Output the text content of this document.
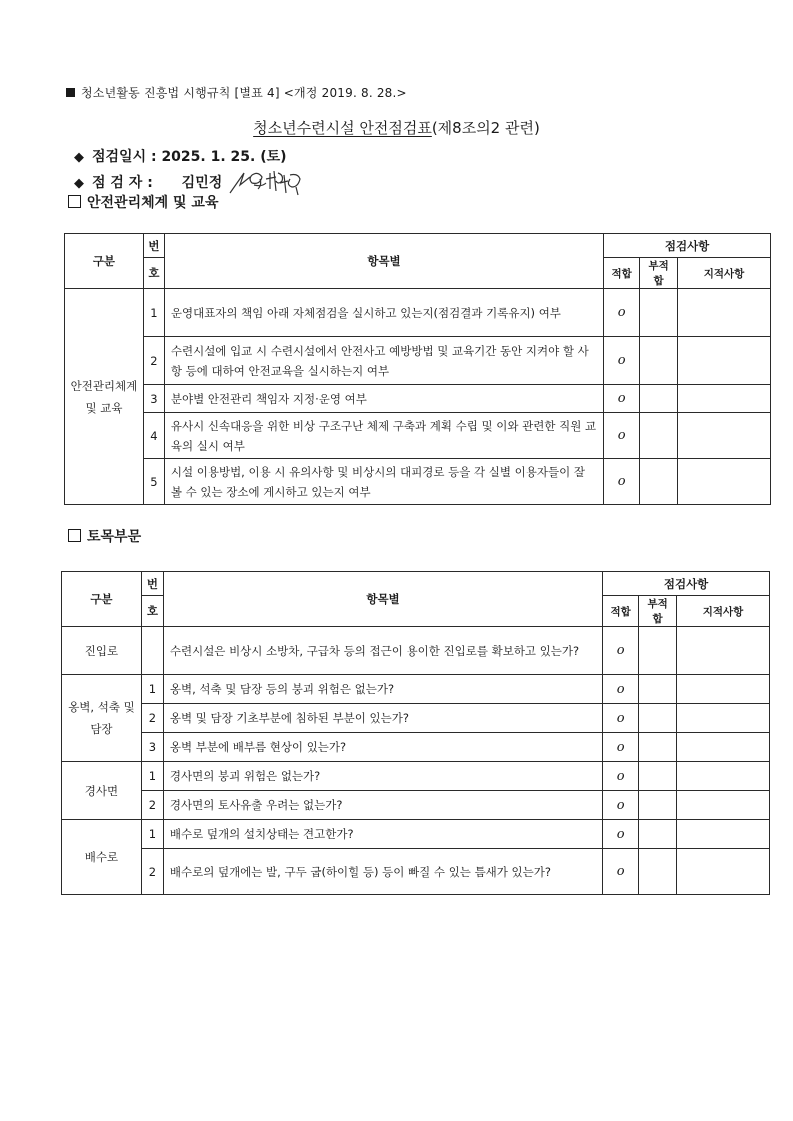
청소년활동 진흥법 시행규칙 [별표 4] <개정 2019. 8. 28.>
청소년수련시설 안전점검표(제8조의2 관련)
◆ 점검일시 : 2025. 1. 25. (토)
◆ 점 검 자 : 김민정
안전관리체계 및 교육
구분	번	항목별	점검사항		
	호		적합	부적합	지적사항
안전관리체계 및 교육	1	운영대표자의 책임 아래 자체점검을 실시하고 있는지(점검결과 기록유지) 여부	o		
	2	수련시설에 입교 시 수련시설에서 안전사고 예방방법 및 교육기간 동안 지켜야 할 사항 등에 대하여 안전교육을 실시하는지 여부	o		
	3	분야별 안전관리 책임자 지정·운영 여부	o		
	4	유사시 신속대응을 위한 비상 구조구난 체제 구축과 계획 수립 및 이와 관련한 직원 교육의 실시 여부	o		
	5	시설 이용방법, 이용 시 유의사항 및 비상시의 대피경로 등을 각 실별 이용자들이 잘 볼 수 있는 장소에 게시하고 있는지 여부	o		
토목부문
구분	번	항목별	점검사항		
	호		적합	부적합	지적사항
진입로		수련시설은 비상시 소방차, 구급차 등의 접근이 용이한 진입로를 확보하고 있는가?	o		
옹벽, 석축 및 담장	1	옹벽, 석축 및 담장 등의 붕괴 위험은 없는가?	o		
	2	옹벽 및 담장 기초부분에 침하된 부분이 있는가?	o		
	3	옹벽 부분에 배부름 현상이 있는가?	o		
경사면	1	경사면의 붕괴 위험은 없는가?	o		
	2	경사면의 토사유출 우려는 없는가?	o		
배수로	1	배수로 덮개의 설치상태는 견고한가?	o		
	2	배수로의 덮개에는 발, 구두 굽(하이힐 등) 등이 빠질 수 있는 틈새가 있는가?	o		
